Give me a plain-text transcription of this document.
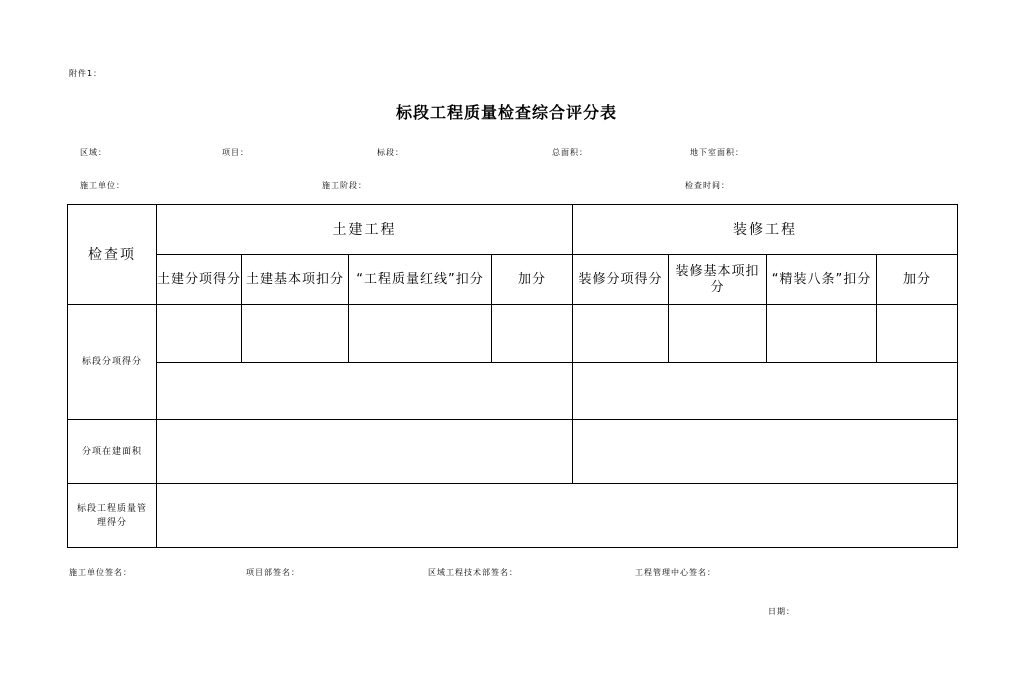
附件1：
标段工程质量检查综合评分表
区域：	项目：	标段：	总面积：	地下室面积：
施工单位：	施工阶段：	检查时间：
检查项	土建工程				装修工程			
	土建分项得分	土建基本项扣分	“工程质量红线”扣分	加分	装修分项得分	装修基本项扣分	“精装八条”扣分	加分
标段分项得分								

分项在建面积								
标段工程质量管理得分								
施工单位签名：	项目部签名：	区域工程技术部签名：	工程管理中心签名：
日期：
